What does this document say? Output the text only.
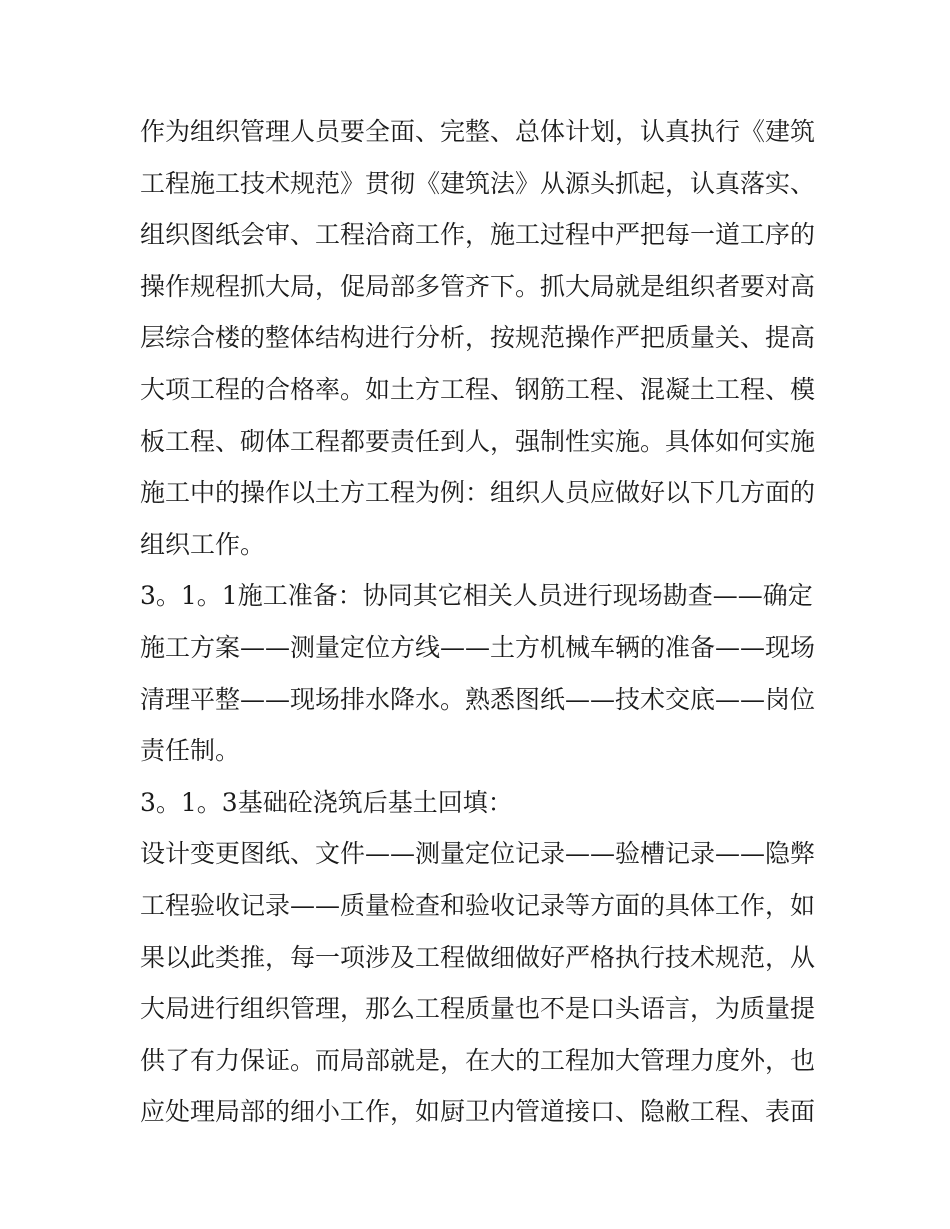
作为组织管理人员要全面、完整、总体计划，认真执行《建筑
工程施工技术规范》贯彻《建筑法》从源头抓起，认真落实、
组织图纸会审、工程洽商工作，施工过程中严把每一道工序的
操作规程抓大局，促局部多管齐下。抓大局就是组织者要对高
层综合楼的整体结构进行分析，按规范操作严把质量关、提高
大项工程的合格率。如土方工程、钢筋工程、混凝土工程、模
板工程、砌体工程都要责任到人，强制性实施。具体如何实施
施工中的操作以土方工程为例：组织人员应做好以下几方面的
组织工作。
3。1。1施工准备：协同其它相关人员进行现场勘查——确定
施工方案——测量定位方线——土方机械车辆的准备——现场
清理平整——现场排水降水。熟悉图纸——技术交底——岗位
责任制。
3。1。3基础砼浇筑后基土回填：
设计变更图纸、文件——测量定位记录——验槽记录——隐弊
工程验收记录——质量检查和验收记录等方面的具体工作，如
果以此类推，每一项涉及工程做细做好严格执行技术规范，从
大局进行组织管理，那么工程质量也不是口头语言，为质量提
供了有力保证。而局部就是，在大的工程加大管理力度外，也
应处理局部的细小工作，如厨卫内管道接口、隐敝工程、表面
